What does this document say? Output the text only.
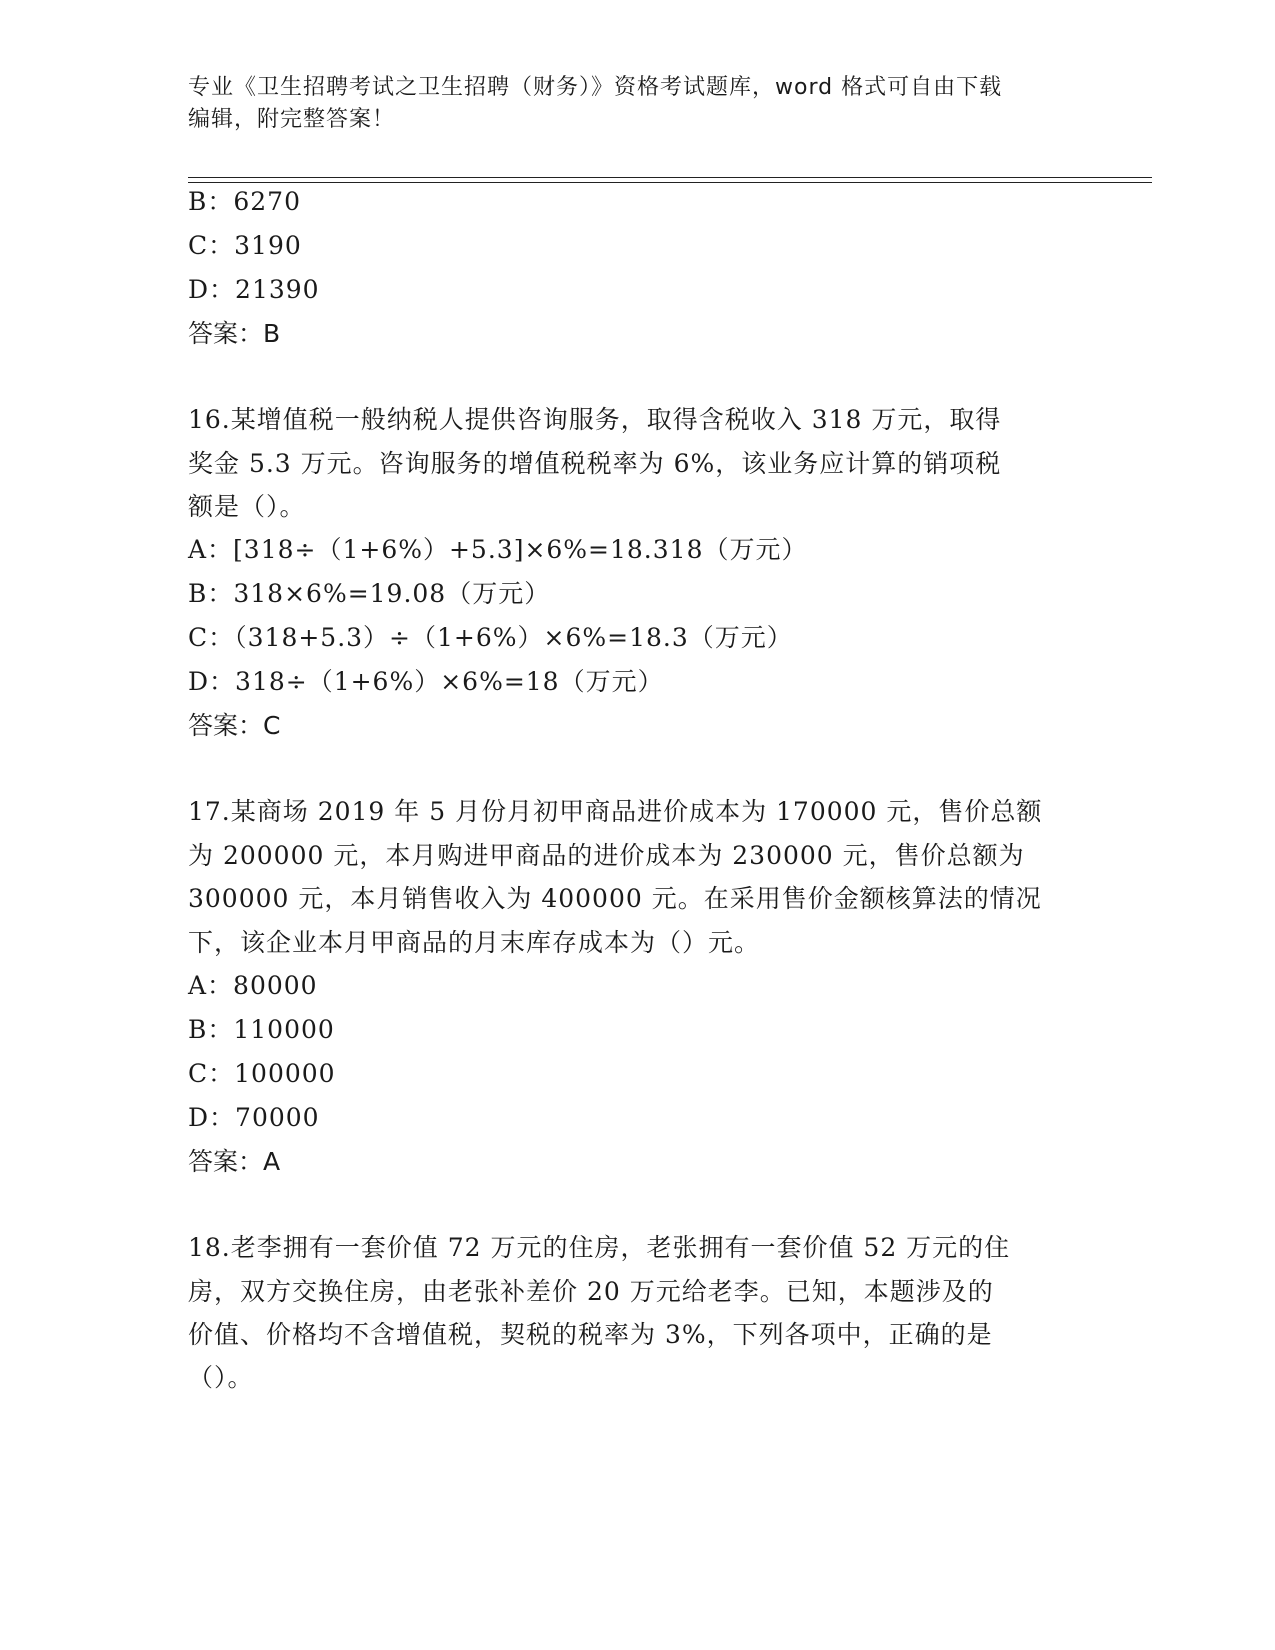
专业《卫生招聘考试之卫生招聘（财务）》资格考试题库，word 格式可自由下载
编辑，附完整答案！
B：6270
C：3190
D：21390
答案：B
16.某增值税一般纳税人提供咨询服务，取得含税收入 318 万元，取得
奖金 5.3 万元。咨询服务的增值税税率为 6%，该业务应计算的销项税
额是（）。
A：[318÷（1+6%）+5.3]×6%=18.318（万元）
B：318×6%=19.08（万元）
C：（318+5.3）÷（1+6%）×6%=18.3（万元）
D：318÷（1+6%）×6%=18（万元）
答案：C
17.某商场 2019 年 5 月份月初甲商品进价成本为 170000 元，售价总额
为 200000 元，本月购进甲商品的进价成本为 230000 元，售价总额为
300000 元，本月销售收入为 400000 元。在采用售价金额核算法的情况
下，该企业本月甲商品的月末库存成本为（）元。
A：80000
B：110000
C：100000
D：70000
答案：A
18.老李拥有一套价值 72 万元的住房，老张拥有一套价值 52 万元的住
房，双方交换住房，由老张补差价 20 万元给老李。已知，本题涉及的
价值、价格均不含增值税，契税的税率为 3%，下列各项中，正确的是
（）。
